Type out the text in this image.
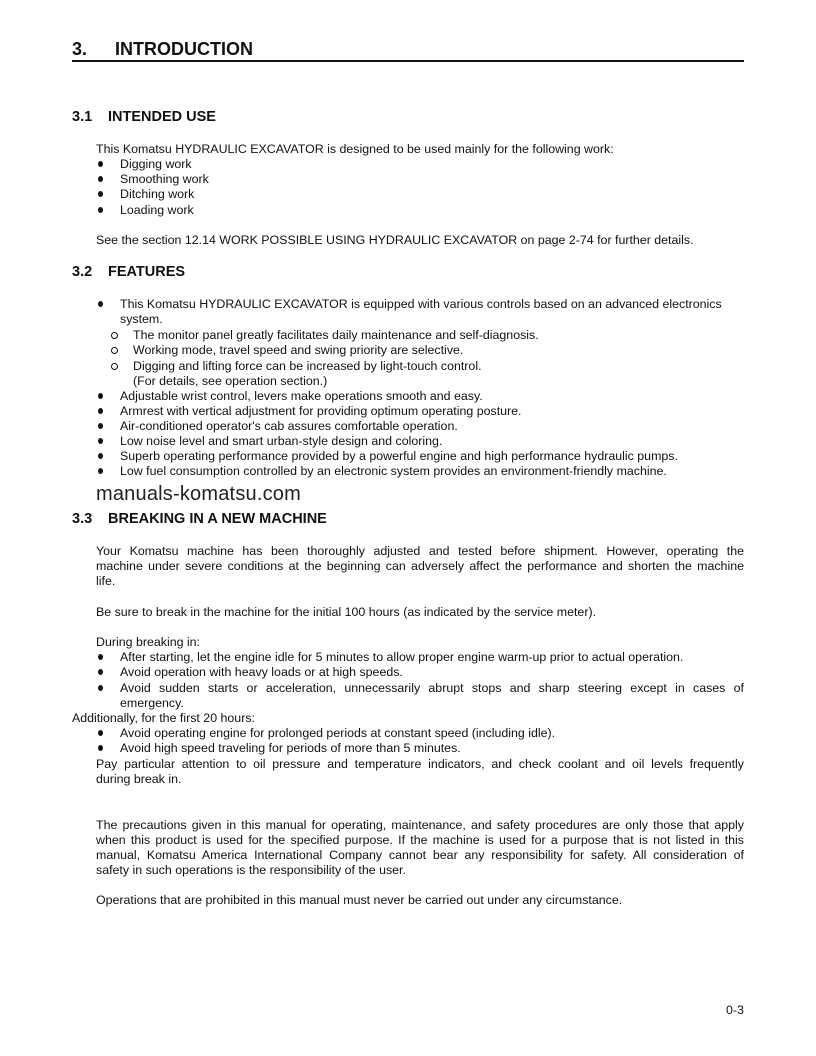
3. INTRODUCTION
3.1 INTENDED USE
This Komatsu HYDRAULIC EXCAVATOR is designed to be used mainly for the following work:
Digging work
Smoothing work
Ditching work
Loading work
See the section 12.14 WORK POSSIBLE USING HYDRAULIC EXCAVATOR on page 2-74 for further details.
3.2 FEATURES
This Komatsu HYDRAULIC EXCAVATOR is equipped with various controls based on an advanced electronics
system.
The monitor panel greatly facilitates daily maintenance and self-diagnosis.
Working mode, travel speed and swing priority are selective.
Digging and lifting force can be increased by light-touch control.
(For details, see operation section.)
Adjustable wrist control, levers make operations smooth and easy.
Armrest with vertical adjustment for providing optimum operating posture.
Air-conditioned operator's cab assures comfortable operation.
Low noise level and smart urban-style design and coloring.
Superb operating performance provided by a powerful engine and high performance hydraulic pumps.
Low fuel consumption controlled by an electronic system provides an environment-friendly machine.
manuals-komatsu.com
3.3 BREAKING IN A NEW MACHINE
Your Komatsu machine has been thoroughly adjusted and tested before shipment. However, operating the
machine under severe conditions at the beginning can adversely affect the performance and shorten the machine
life.
Be sure to break in the machine for the initial 100 hours (as indicated by the service meter).
During breaking in:
After starting, let the engine idle for 5 minutes to allow proper engine warm-up prior to actual operation.
Avoid operation with heavy loads or at high speeds.
Avoid sudden starts or acceleration, unnecessarily abrupt stops and sharp steering except in cases of
emergency.
Additionally, for the first 20 hours:
Avoid operating engine for prolonged periods at constant speed (including idle).
Avoid high speed traveling for periods of more than 5 minutes.
Pay particular attention to oil pressure and temperature indicators, and check coolant and oil levels frequently
during break in.
The precautions given in this manual for operating, maintenance, and safety procedures are only those that apply
when this product is used for the specified purpose. If the machine is used for a purpose that is not listed in this
manual, Komatsu America International Company cannot bear any responsibility for safety. All consideration of
safety in such operations is the responsibility of the user.
Operations that are prohibited in this manual must never be carried out under any circumstance.
0-3
